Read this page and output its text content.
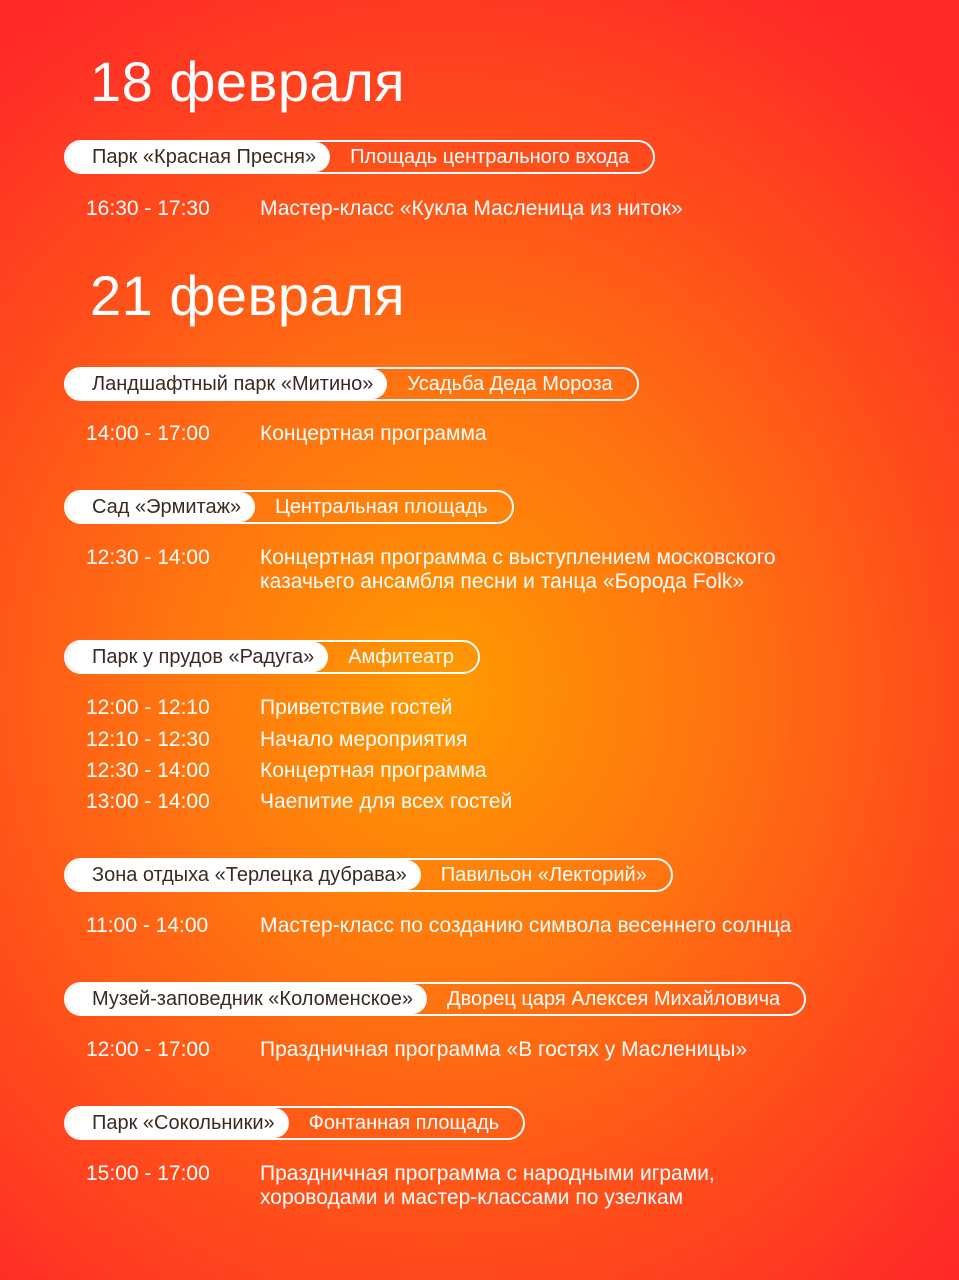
18 февраля
Парк «Красная Пресня»	Площадь центрального входа
16:30 - 17:30	Мастер-класс «Кукла Масленица из ниток»
21 февраля
Ландшафтный парк «Митино»	Усадьба Деда Мороза
14:00 - 17:00	Концертная программа
Сад «Эрмитаж»	Центральная площадь
12:30 - 14:00	Концертная программа с выступлением московского
казачьего ансамбля песни и танца «Борода Folk»
Парк у прудов «Радуга»	Амфитеатр
12:00 - 12:10	Приветствие гостей
12:10 - 12:30	Начало мероприятия
12:30 - 14:00	Концертная программа
13:00 - 14:00	Чаепитие для всех гостей
Зона отдыха «Терлецка дубрава»	Павильон «Лекторий»
11:00 - 14:00	Мастер-класс по созданию символа весеннего солнца
Музей-заповедник «Коломенское»	Дворец царя Алексея Михайловича
12:00 - 17:00	Праздничная программа «В гостях у Масленицы»
Парк «Сокольники»	Фонтанная площадь
15:00 - 17:00	Праздничная программа с народными играми,
хороводами и мастер-классами по узелкам
